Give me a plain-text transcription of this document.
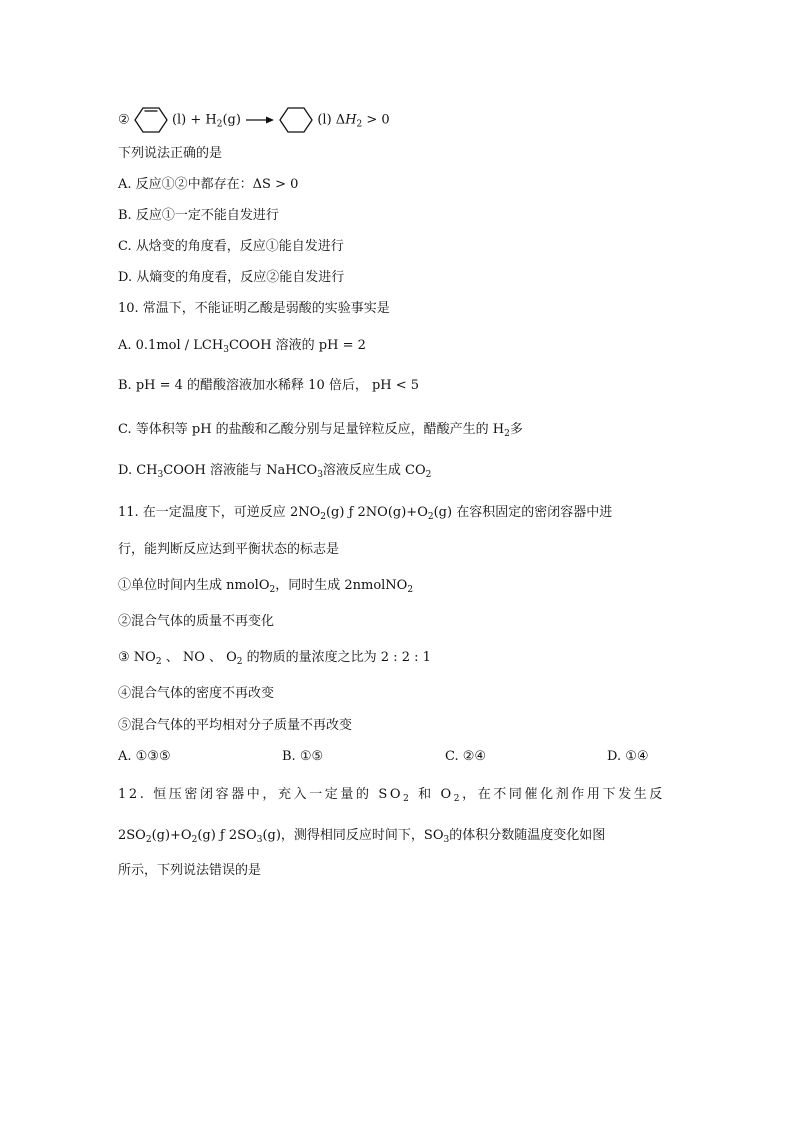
②	$(l) + H_2(g)$ →	(l) $\Delta H_2 > 0$
下列说法正确的是
A. 反应①②中都存在：ΔS > 0
B. 反应①一定不能自发进行
C. 从焓变的角度看，反应①能自发进行
D. 从熵变的角度看，反应②能自发进行
10. 常温下，不能证明乙酸是弱酸的实验事实是
A. $0.1mol / LCH_3COOH$ 溶液的 pH = 2
B. pH = 4 的醋酸溶液加水稀释 10 倍后， pH < 5
C. 等体积等 pH 的盐酸和乙酸分别与足量锌粒反应，醋酸产生的 $H_2$多
D. $CH_3COOH$ 溶液能与 NaHCO$_3$溶液反应生成 $CO_2$
11. 在一定温度下，可逆反应 $2NO_2(g)$ ƒ $2NO(g)+O_2(g)$ 在容积固定的密闭容器中进
行，能判断反应达到平衡状态的标志是
①单位时间内生成 nmolO$_2$，同时生成 2nmolNO$_2$
②混合气体的质量不再变化
③ $NO_2$ 、 NO 、 $O_2$ 的物质的量浓度之比为 2 : 2 : 1
④混合气体的密度不再改变
⑤混合气体的平均相对分子质量不再改变
A. ①③⑤	B. ①⑤	C. ②④	D. ①④
12. 恒压密闭容器中，充入一定量的 $SO_2$ 和 $O_2$，在不同催化剂作用下发生反
$2SO_2(g)+O_2(g)$ ƒ $2SO_3(g)$，测得相同反应时间下，$SO_3$的体积分数随温度变化如图
所示，下列说法错误的是
